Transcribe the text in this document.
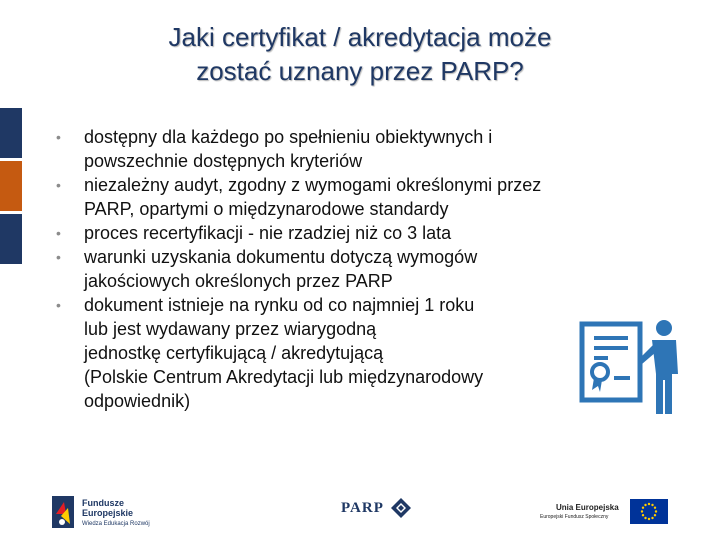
Jaki certyfikat / akredytacja może
zostać uznany przez PARP?
• dostępny dla każdego po spełnieniu obiektywnych i
powszechnie dostępnych kryteriów
• niezależny audyt, zgodny z wymogami określonymi przez
PARP, opartymi o międzynarodowe standardy
• proces recertyfikacji - nie rzadziej niż co 3 lata
• warunki uzyskania dokumentu dotyczą wymogów
jakościowych określonych przez PARP
• dokument istnieje na rynku od co najmniej 1 roku
lub jest wydawany przez wiarygodną
jednostkę certyfikującą / akredytującą
(Polskie Centrum Akredytacji lub międzynarodowy
odpowiednik)
Fundusze
Europejskie
Wiedza Edukacja Rozwój
PARP	Unia Europejska
Europejski Fundusz Społeczny
